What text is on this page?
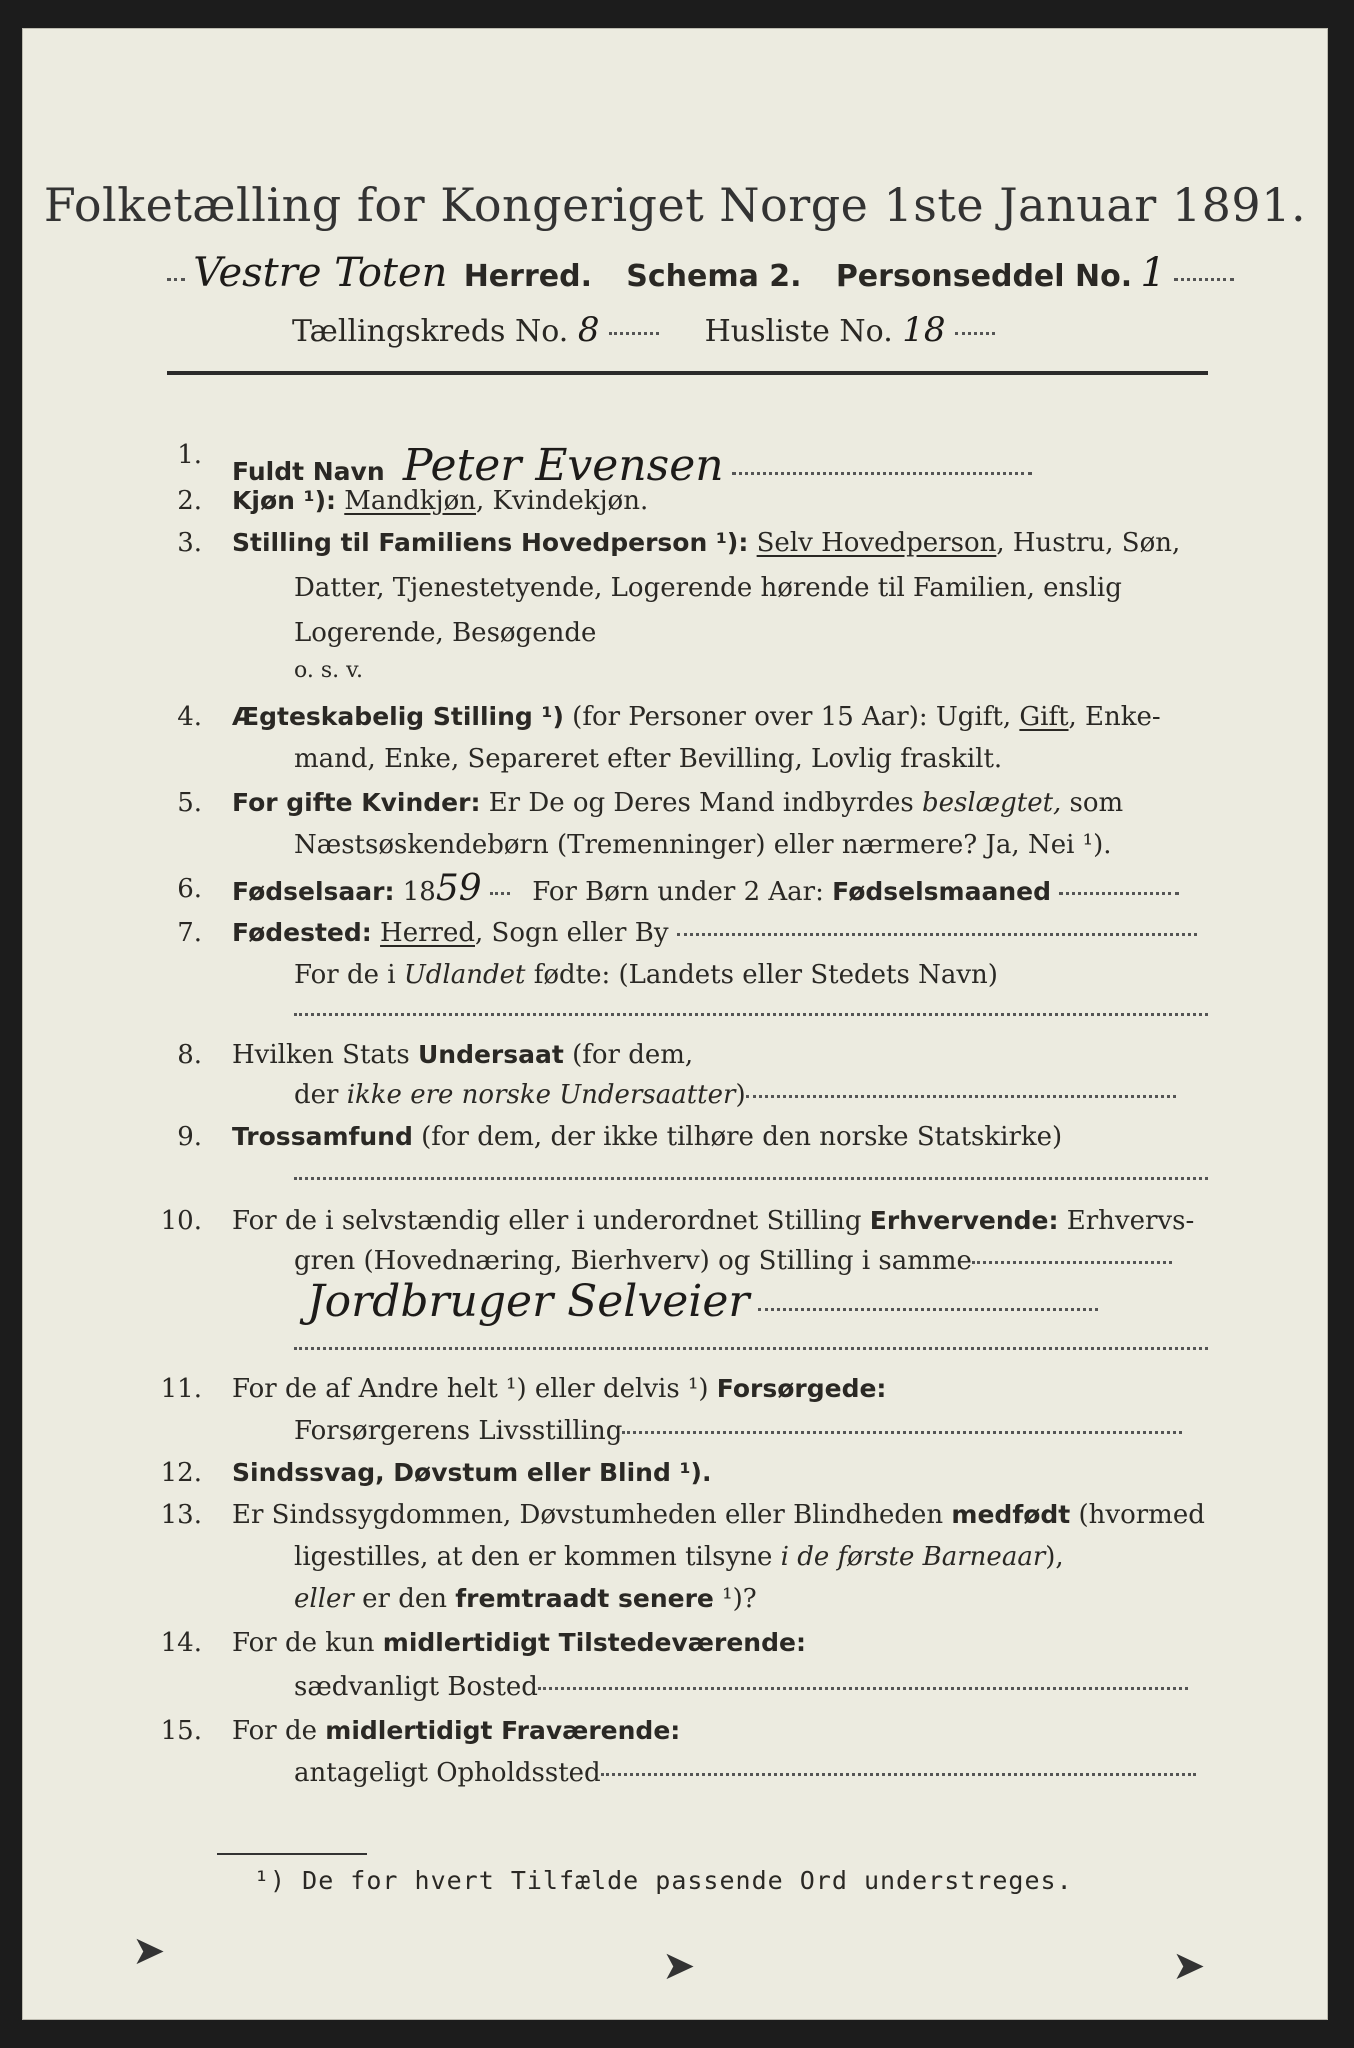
Folketælling for Kongeriget Norge 1ste Januar 1891.
Vestre Toten Herred. Schema 2. Personseddel No. 1
Tællingskreds No. 8	Husliste No. 18
1.
Fuldt Navn Peter Evensen
2. Kjøn ¹): Mandkjøn, Kvindekjøn.
3. Stilling til Familiens Hovedperson ¹): Selv Hovedperson, Hustru, Søn,
Datter, Tjenestetyende, Logerende hørende til Familien, enslig
Logerende, Besøgende
o. s. v.
4. Ægteskabelig Stilling ¹) (for Personer over 15 Aar): Ugift, Gift, Enke-
mand, Enke, Separeret efter Bevilling, Lovlig fraskilt.
5. For gifte Kvinder: Er De og Deres Mand indbyrdes beslægtet, som
Næstsøskendebørn (Tremenninger) eller nærmere? Ja, Nei ¹).
6. Fødselsaar: 1859 For Børn under 2 Aar: Fødselsmaaned
7. Fødested: Herred, Sogn eller By
For de i Udlandet fødte: (Landets eller Stedets Navn)
8. Hvilken Stats Undersaat (for dem,
der ikke ere norske Undersaatter)
9. Trossamfund (for dem, der ikke tilhøre den norske Statskirke)
10. For de i selvstændig eller i underordnet Stilling Erhvervende: Erhvervs-
gren (Hovednæring, Bierhverv) og Stilling i samme
Jordbruger Selveier
11. For de af Andre helt ¹) eller delvis ¹) Forsørgede:
Forsørgerens Livsstilling
12. Sindssvag, Døvstum eller Blind ¹).
13. Er Sindssygdommen, Døvstumheden eller Blindheden medfødt (hvormed
ligestilles, at den er kommen tilsyne i de første Barneaar),
eller er den fremtraadt senere ¹)?
14. For de kun midlertidigt Tilstedeværende:
sædvanligt Bosted
15. For de midlertidigt Fraværende:
antageligt Opholdssted
¹) De for hvert Tilfælde passende Ord understreges.
➤	➤	➤
